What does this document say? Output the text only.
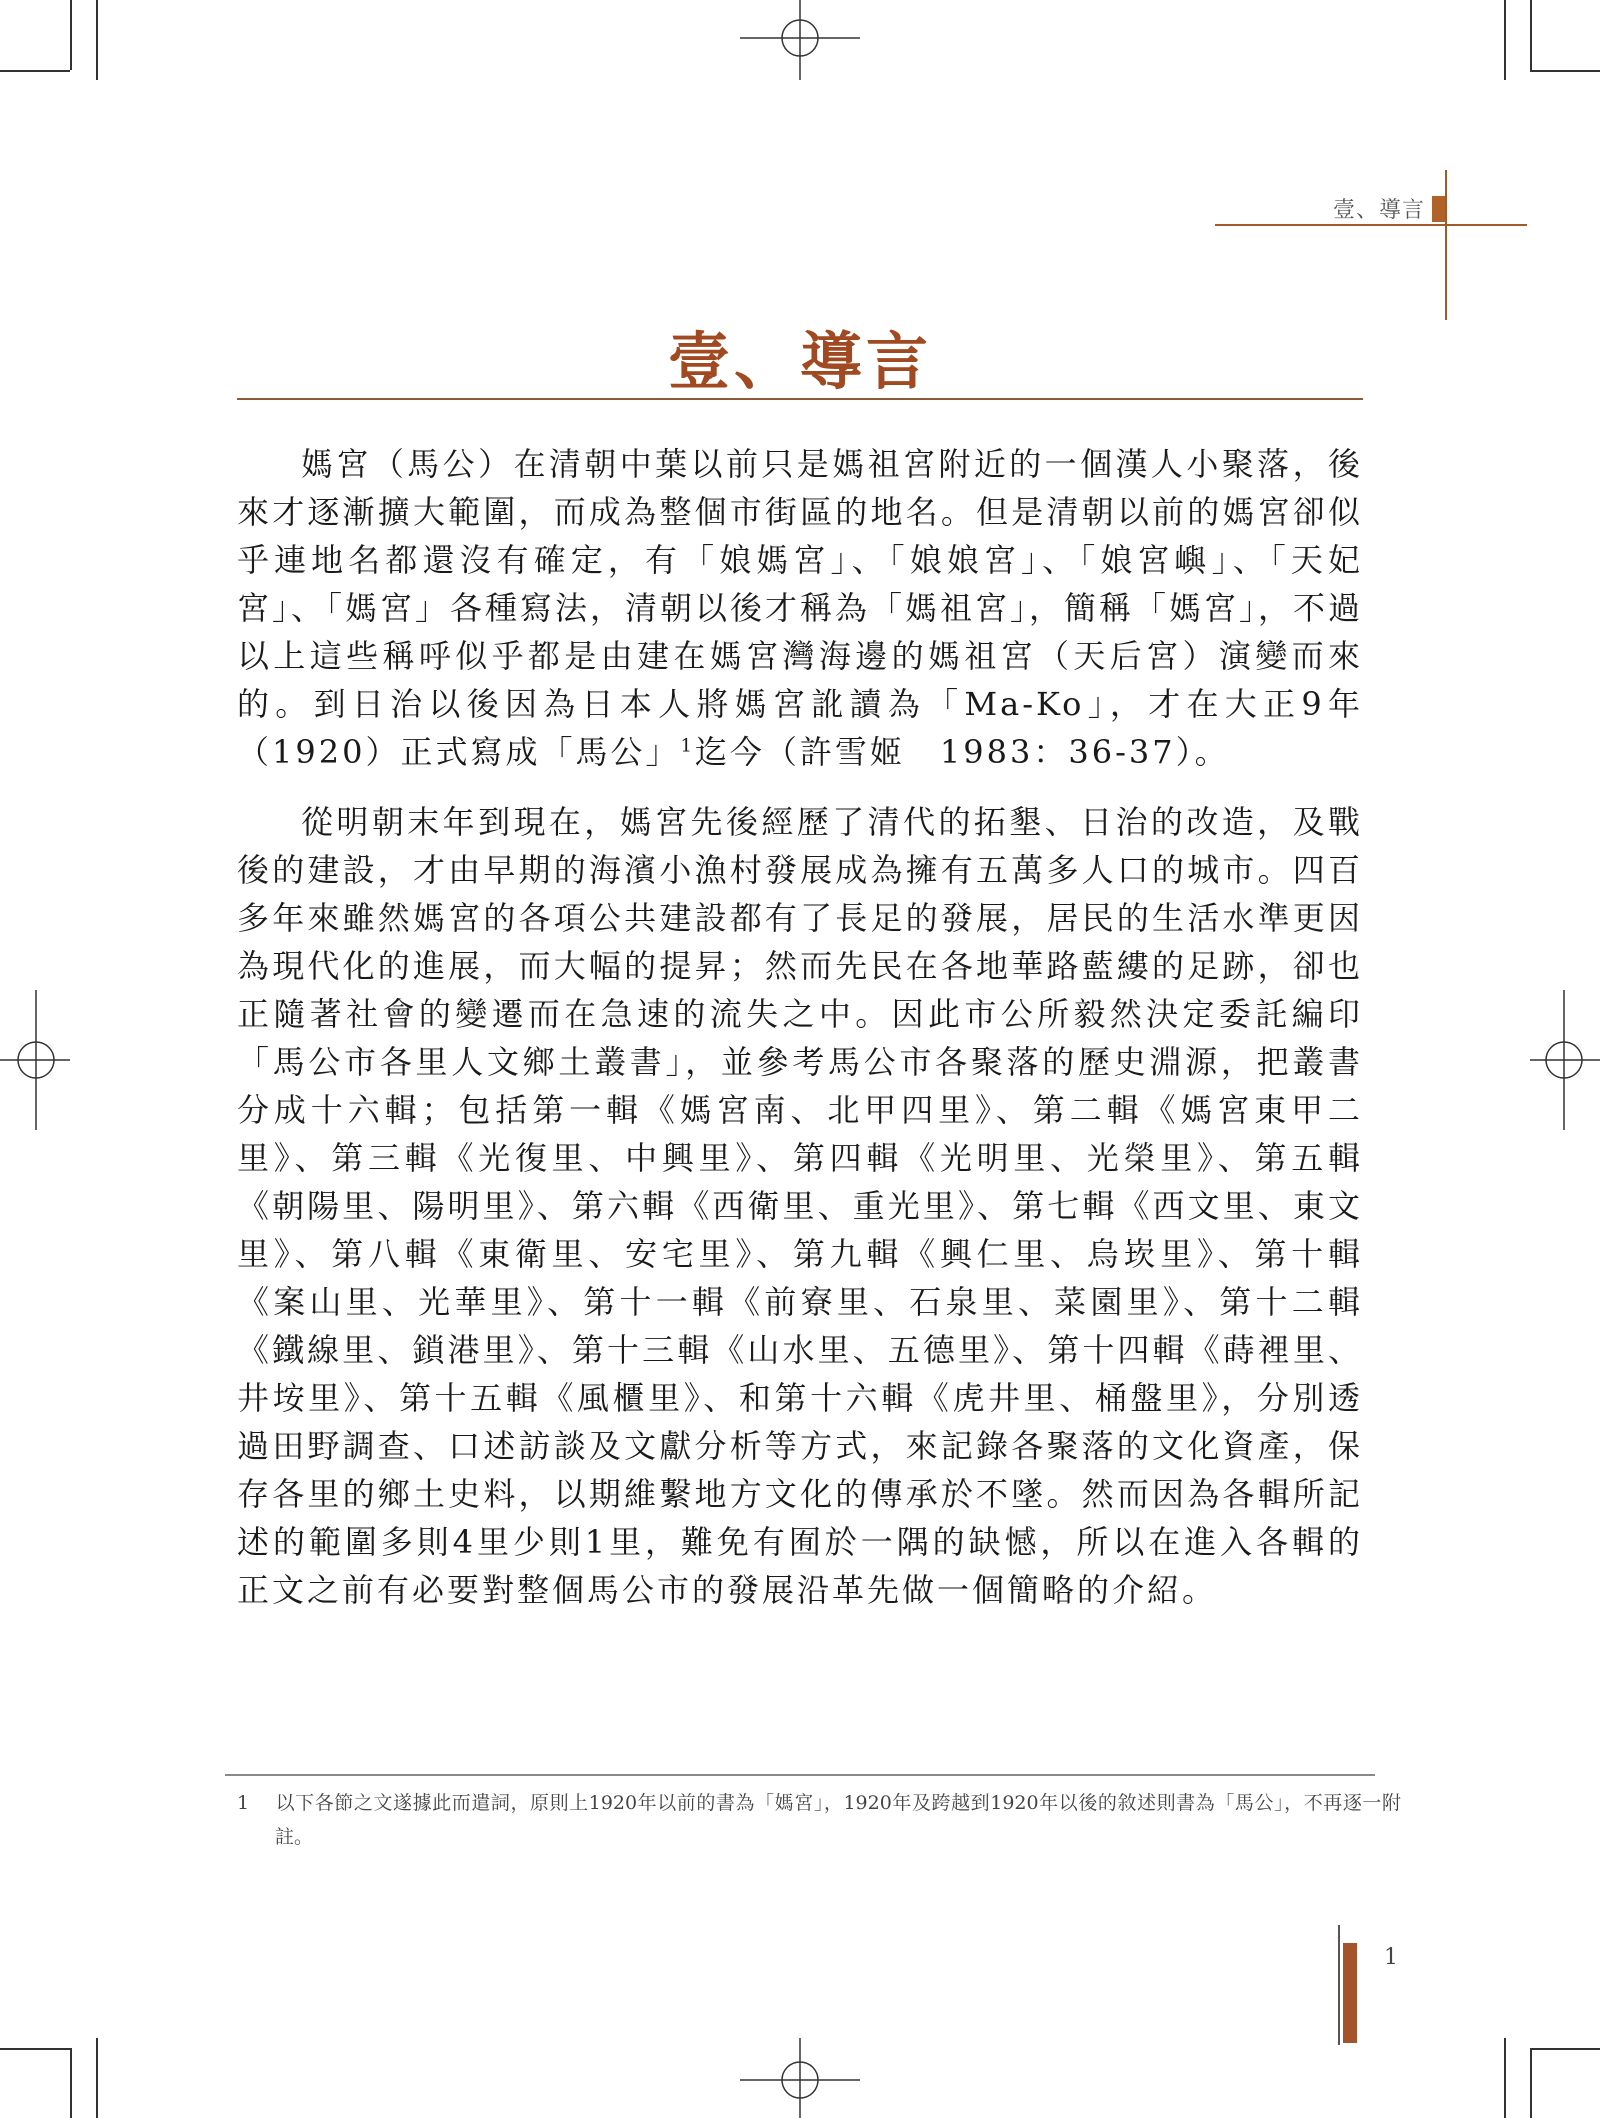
壹、導言
壹、導言

媽宮（馬公）在清朝中葉以前只是媽祖宮附近的一個漢人小聚落，後來才逐漸擴大範圍，而成為整個市街區的地名。但是清朝以前的媽宮卻似乎連地名都還沒有確定，有「娘媽宮」、「娘娘宮」、「娘宮嶼」、「天妃宮」、「媽宮」各種寫法，清朝以後才稱為「媽祖宮」，簡稱「媽宮」，不過以上這些稱呼似乎都是由建在媽宮灣海邊的媽祖宮（天后宮）演變而來的。到日治以後因為日本人將媽宮訛讀為「Ma-Ko」，才在大正9年（1920）正式寫成「馬公」$^1$迄今（許雪姬　1983：36-37）。

從明朝末年到現在，媽宮先後經歷了清代的拓墾、日治的改造，及戰後的建設，才由早期的海濱小漁村發展成為擁有五萬多人口的城市。四百多年來雖然媽宮的各項公共建設都有了長足的發展，居民的生活水準更因為現代化的進展，而大幅的提昇；然而先民在各地華路藍縷的足跡，卻也正隨著社會的變遷而在急速的流失之中。因此市公所毅然決定委託編印「馬公市各里人文鄉土叢書」，並參考馬公市各聚落的歷史淵源，把叢書分成十六輯；包括第一輯《媽宮南、北甲四里》、第二輯《媽宮東甲二里》、第三輯《光復里、中興里》、第四輯《光明里、光榮里》、第五輯《朝陽里、陽明里》、第六輯《西衛里、重光里》、第七輯《西文里、東文里》、第八輯《東衛里、安宅里》、第九輯《興仁里、烏崁里》、第十輯《案山里、光華里》、第十一輯《前寮里、石泉里、菜園里》、第十二輯《鐵線里、鎖港里》、第十三輯《山水里、五德里》、第十四輯《蒔裡里、井垵里》、第十五輯《風櫃里》、和第十六輯《虎井里、桶盤里》，分別透過田野調查、口述訪談及文獻分析等方式，來記錄各聚落的文化資產，保存各里的鄉土史料，以期維繫地方文化的傳承於不墜。然而因為各輯所記述的範圍多則4里少則1里，難免有囿於一隅的缺憾，所以在進入各輯的正文之前有必要對整個馬公市的發展沿革先做一個簡略的介紹。

1 以下各節之文遂據此而遣詞，原則上1920年以前的書為「媽宮」，1920年及跨越到1920年以後的敘述則書為「馬公」，不再逐一附註。
1
